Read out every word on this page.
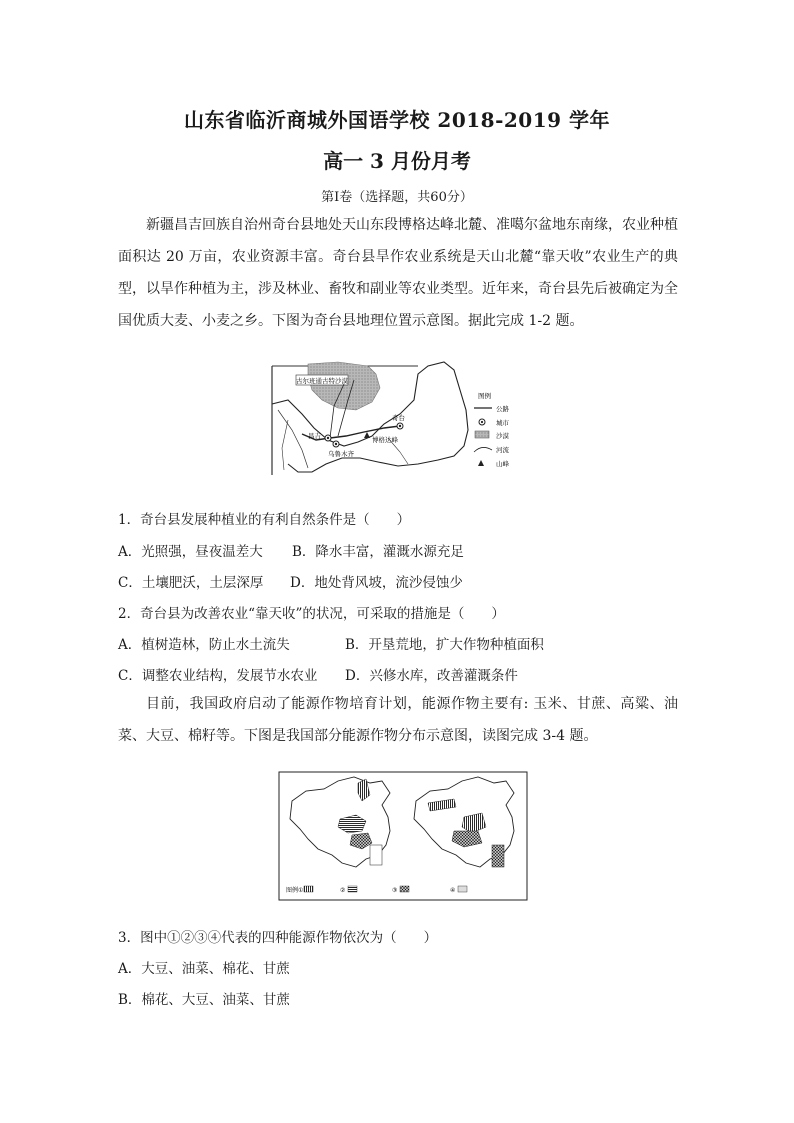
山东省临沂商城外国语学校 2018-2019 学年
高一 3 月份月考
第Ⅰ卷（选择题，共60分）
新疆昌吉回族自治州奇台县地处天山东段博格达峰北麓、准噶尔盆地东南缘，农业种植面积达 20 万亩，农业资源丰富。奇台县旱作农业系统是天山北麓“靠天收”农业生产的典型，以旱作种植为主，涉及林业、畜牧和副业等农业类型。近年来，奇台县先后被确定为全国优质大麦、小麦之乡。下图为奇台县地理位置示意图。据此完成 1-2 题。
古尔班通古特沙漠
昌吉
乌鲁木齐
奇台
博格达峰
图例
公路
城市
沙漠
河流
山峰
1．奇台县发展种植业的有利自然条件是（　　）
A．光照强，昼夜温差大 B．降水丰富，灌溉水源充足
C．土壤肥沃，土层深厚 D．地处背风坡，流沙侵蚀少
2．奇台县为改善农业“靠天收”的状况，可采取的措施是（　　）
A．植树造林，防止水土流失	B．开垦荒地，扩大作物种植面积
C．调整农业结构，发展节水农业 D．兴修水库，改善灌溉条件
目前，我国政府启动了能源作物培育计划，能源作物主要有: 玉米、甘蔗、高粱、油菜、大豆、棉籽等。下图是我国部分能源作物分布示意图，读图完成 3-4 题。
图例	②	③	④
①
3．图中①②③④代表的四种能源作物依次为（　　）
A．大豆、油菜、棉花、甘蔗
B．棉花、大豆、油菜、甘蔗
